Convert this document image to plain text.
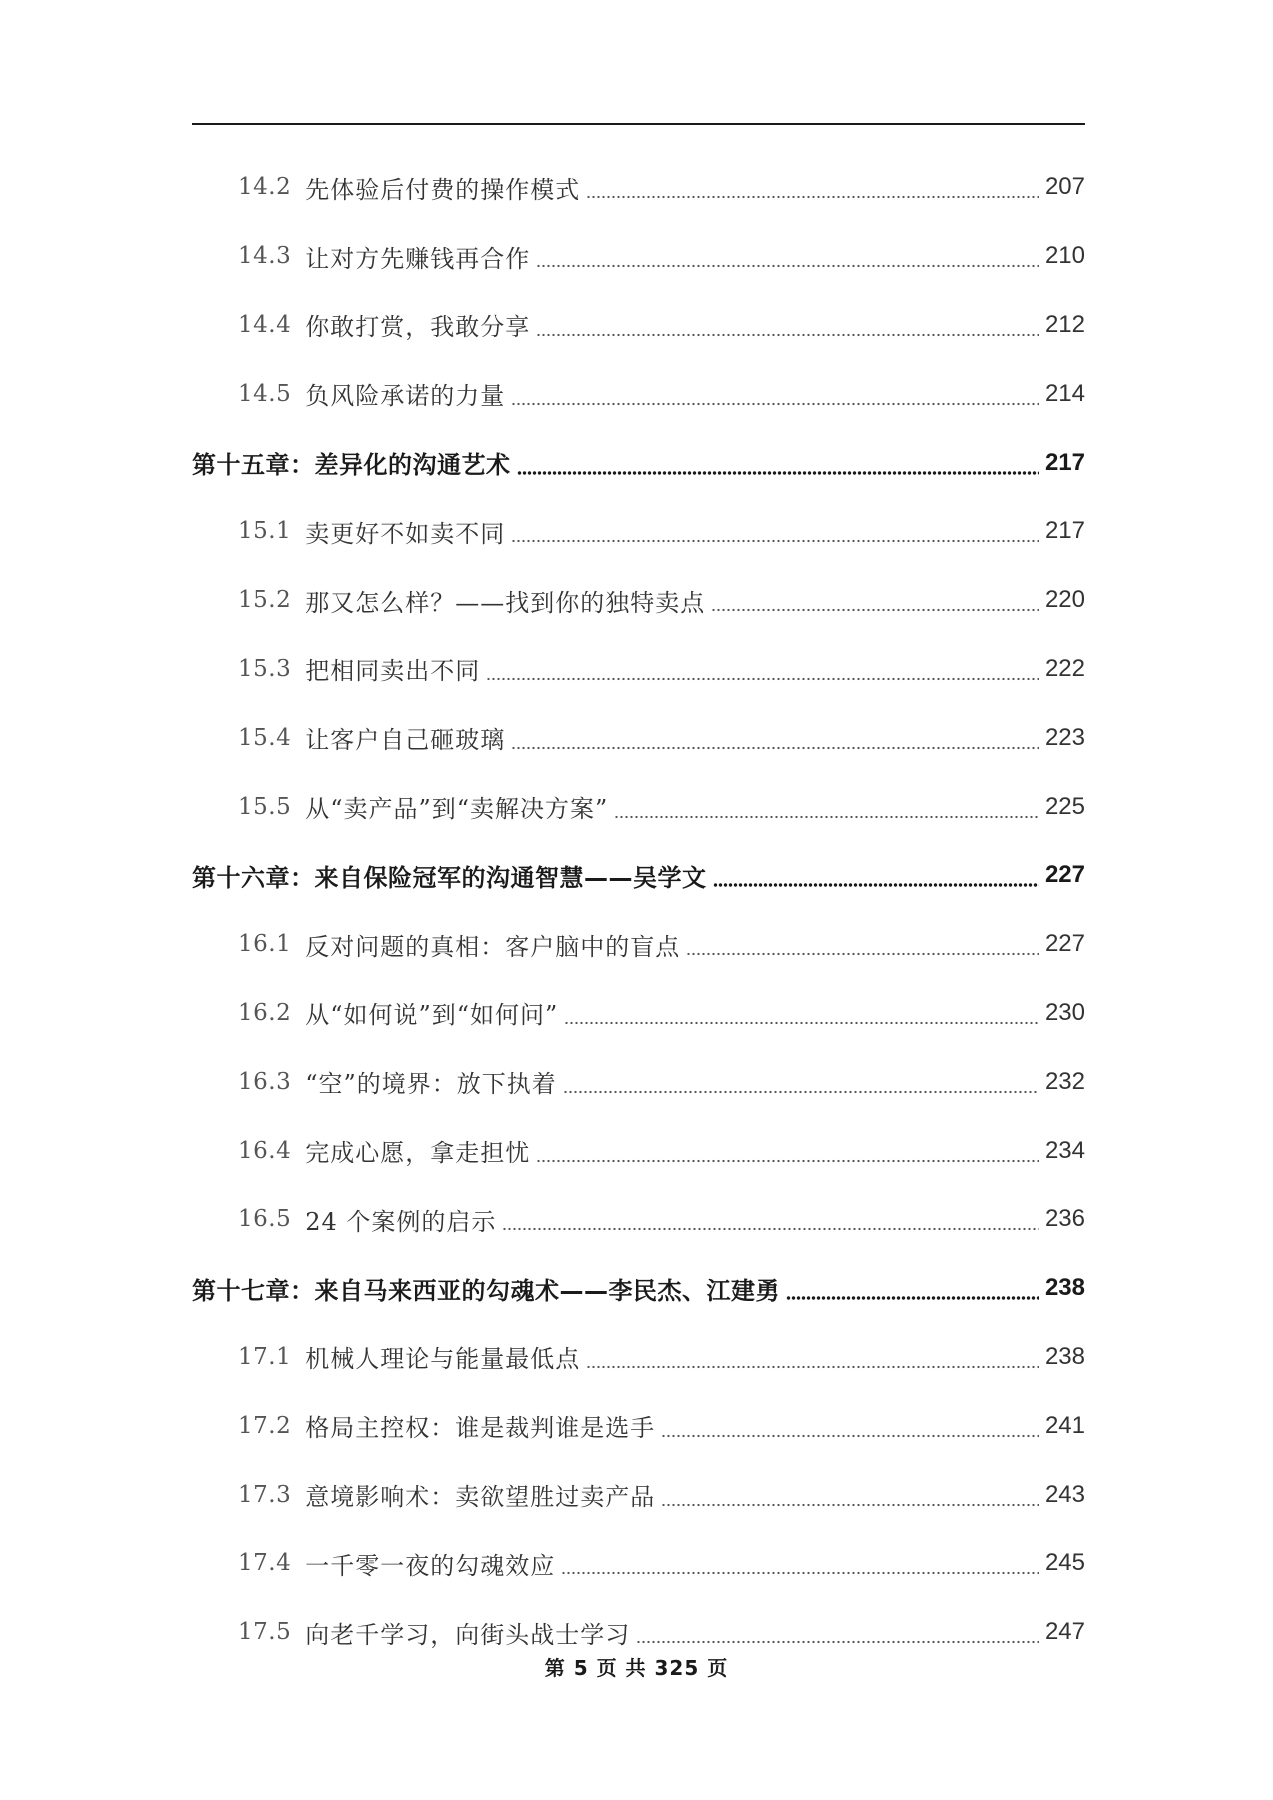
14.2 先体验后付费的操作模式	207
14.3 让对方先赚钱再合作	210
14.4 你敢打赏，我敢分享	212
14.5 负风险承诺的力量	214
第十五章：差异化的沟通艺术	217
15.1 卖更好不如卖不同	217
15.2 那又怎么样？——找到你的独特卖点	220
15.3 把相同卖出不同	222
15.4 让客户自己砸玻璃	223
15.5 从“卖产品”到“卖解决方案”	225
第十六章：来自保险冠军的沟通智慧——吴学文	227
16.1 反对问题的真相：客户脑中的盲点	227
16.2 从“如何说”到“如何问”	230
16.3 “空”的境界：放下执着	232
16.4 完成心愿，拿走担忧	234
16.5 24 个案例的启示	236
第十七章：来自马来西亚的勾魂术——李民杰、江建勇	238
17.1 机械人理论与能量最低点	238
17.2 格局主控权：谁是裁判谁是选手	241
17.3 意境影响术：卖欲望胜过卖产品	243
17.4 一千零一夜的勾魂效应	245
17.5 向老千学习，向街头战士学习	247
第 5 页 共 325 页
